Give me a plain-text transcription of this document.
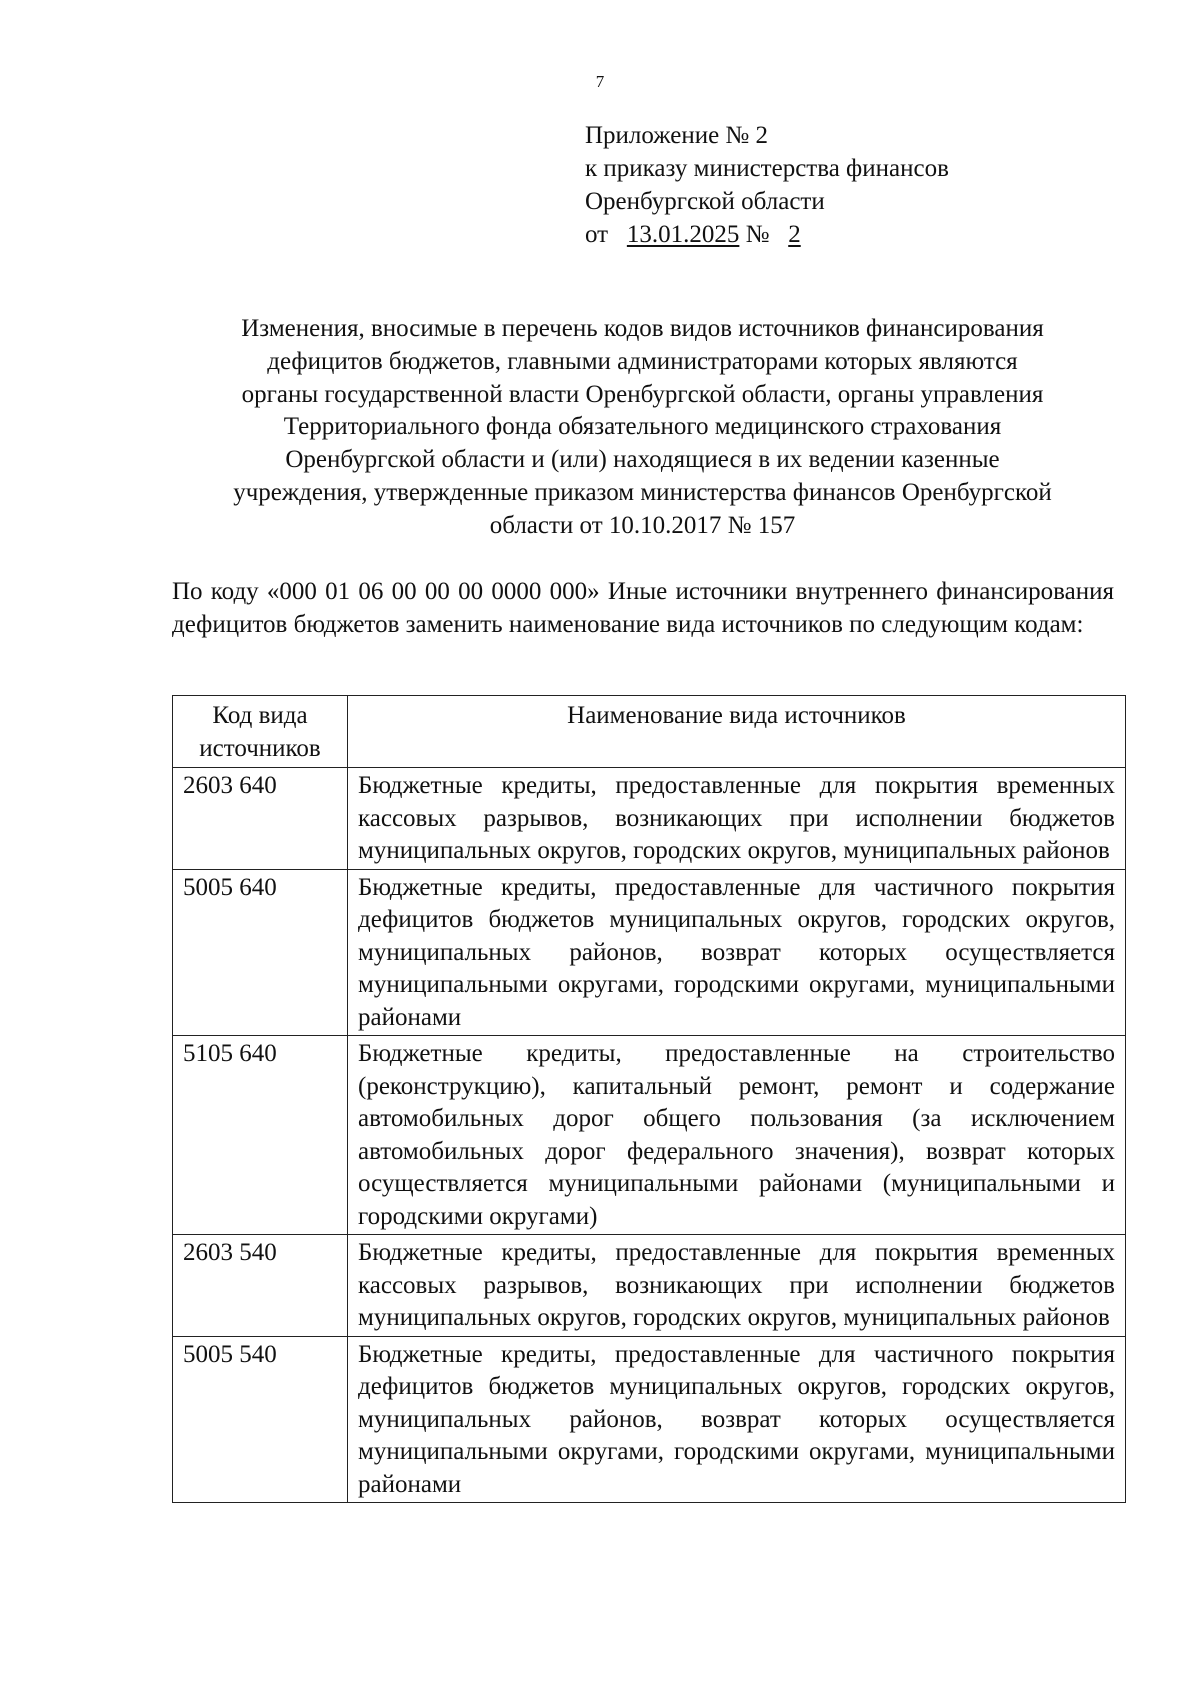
7
Приложение № 2
к приказу министерства финансов
Оренбургской области
от 13.01.2025 № 2
Изменения, вносимые в перечень кодов видов источников финансирования
дефицитов бюджетов, главными администраторами которых являются
органы государственной власти Оренбургской области, органы управления
Территориального фонда обязательного медицинского страхования
Оренбургской области и (или) находящиеся в их ведении казенные
учреждения, утвержденные приказом министерства финансов Оренбургской
области от 10.10.2017 № 157

По коду «000 01 06 00 00 00 0000 000» Иные источники внутреннего финансирования дефицитов бюджетов заменить наименование вида источников по следующим кодам:

Код вида источников	Наименование вида источников
2603 640	Бюджетные кредиты, предоставленные для покрытия временных кассовых разрывов, возникающих при исполнении бюджетов муниципальных округов, городских округов, муниципальных районов
5005 640	Бюджетные кредиты, предоставленные для частичного покрытия дефицитов бюджетов муниципальных округов, городских округов, муниципальных районов, возврат которых осуществляется муниципальными округами, городскими округами, муниципальными районами
5105 640	Бюджетные кредиты, предоставленные на строительство (реконструкцию), капитальный ремонт, ремонт и содержание автомобильных дорог общего пользования (за исключением автомобильных дорог федерального значения), возврат которых осуществляется муниципальными районами (муниципальными и городскими округами)
2603 540	Бюджетные кредиты, предоставленные для покрытия временных кассовых разрывов, возникающих при исполнении бюджетов муниципальных округов, городских округов, муниципальных районов
5005 540	Бюджетные кредиты, предоставленные для частичного покрытия дефицитов бюджетов муниципальных округов, городских округов, муниципальных районов, возврат которых осуществляется муниципальными округами, городскими округами, муниципальными районами
